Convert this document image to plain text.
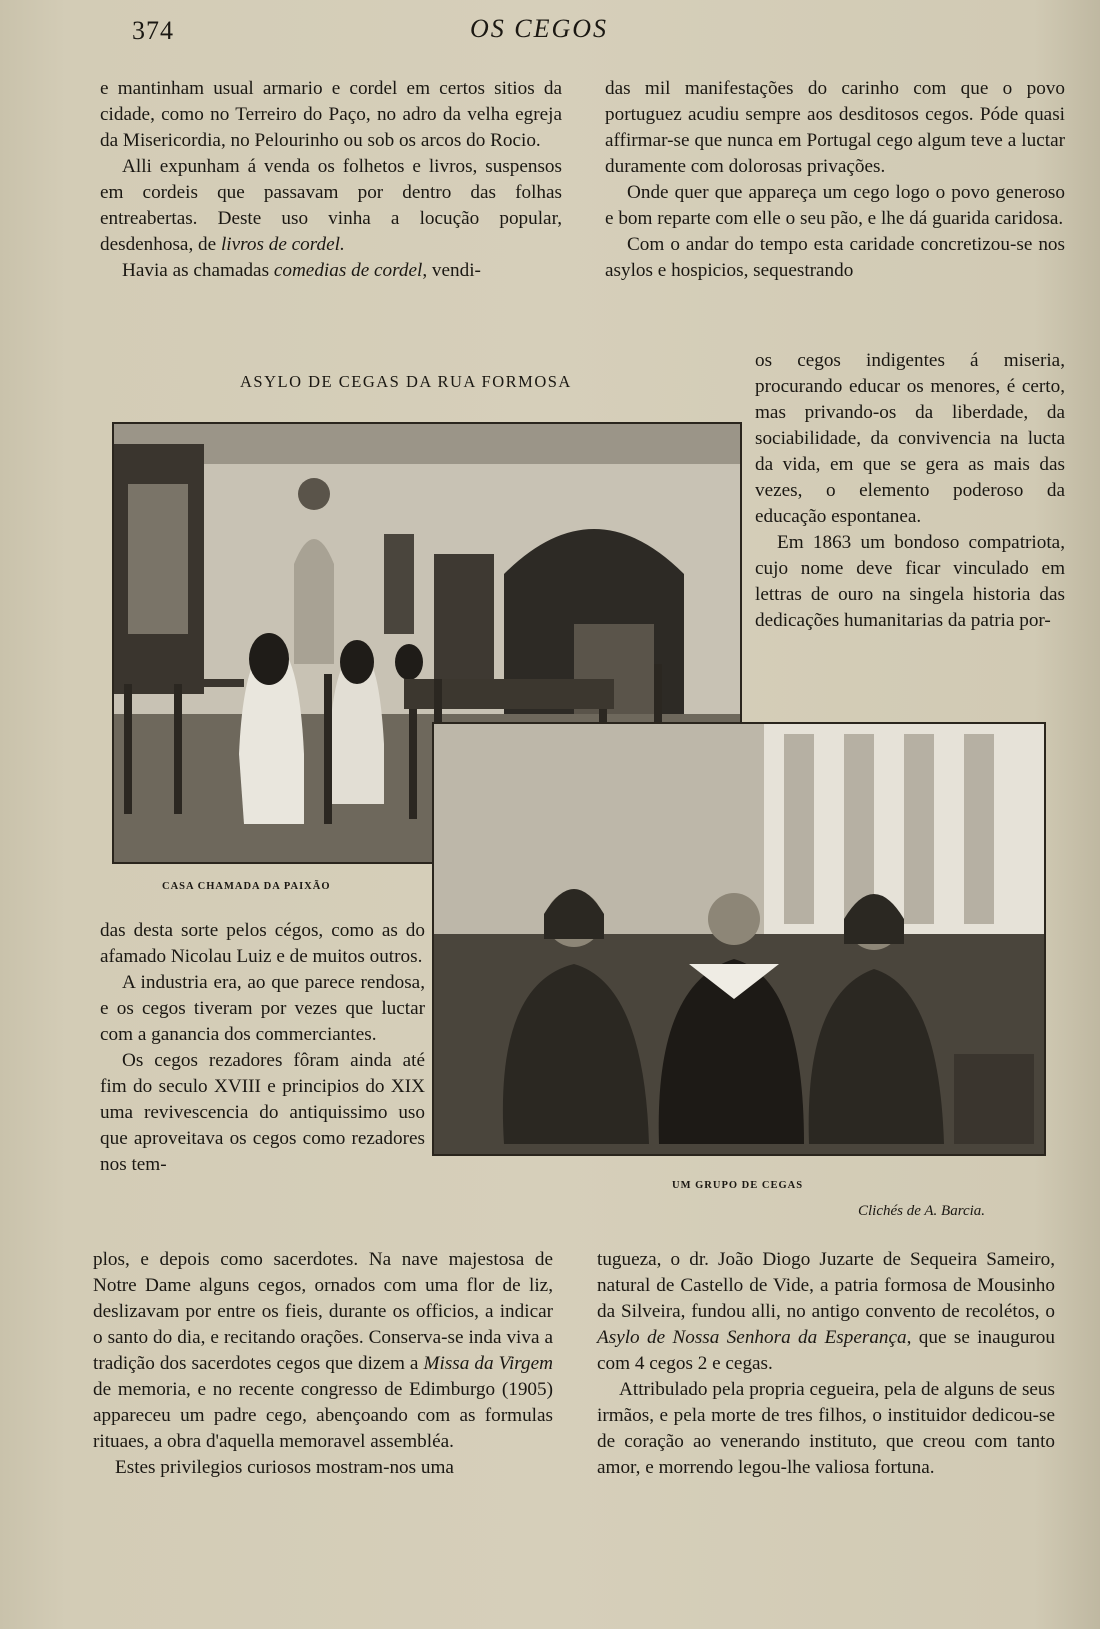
374	OS CEGOS

e mantinham usual armario e cordel em certos sitios da cidade, como no Terreiro do Paço, no adro da velha egreja da Misericordia, no Pelourinho ou sob os arcos do Rocio.

Alli expunham á venda os folhetos e livros, suspensos em cordeis que passavam por dentro das folhas entreabertas. Deste uso vinha a locução popular, desdenhosa, de livros de cordel.

Havia as chamadas comedias de cordel, vendi-

das mil manifestações do carinho com que o povo portuguez acudiu sempre aos desditosos cegos. Póde quasi affirmar-se que nunca em Portugal cego algum teve a luctar duramente com dolorosas privações.

Onde quer que appareça um cego logo o povo generoso e bom reparte com elle o seu pão, e lhe dá guarida caridosa.

Com o andar do tempo esta caridade concretizou-se nos asylos e hospicios, sequestrando

ASYLO DE CEGAS DA RUA FORMOSA

os cegos indigentes á miseria, procurando educar os menores, é certo, mas privando-os da liberdade, da sociabilidade, da convivencia na lucta da vida, em que se gera as mais das vezes, o elemento poderoso da educação espontanea.

Em 1863 um bondoso compatriota, cujo nome deve ficar vinculado em lettras de ouro na singela historia das dedicações humanitarias da patria por-

CASA CHAMADA DA PAIXÃO

das desta sorte pelos cégos, como as do afamado Nicolau Luiz e de muitos outros.

A industria era, ao que parece rendosa, e os cegos tiveram por vezes que luctar com a ganancia dos commerciantes.

Os cegos rezadores fôram ainda até fim do seculo XVIII e principios do XIX uma revivescencia do antiquissimo uso que aproveitava os cegos como rezadores nos tem-

UM GRUPO DE CEGAS
Clichés de A. Barcia.

plos, e depois como sacerdotes. Na nave majestosa de Notre Dame alguns cegos, ornados com uma flor de liz, deslizavam por entre os fieis, durante os officios, a indicar o santo do dia, e recitando orações. Conserva-se inda viva a tradição dos sacerdotes cegos que dizem a Missa da Virgem de memoria, e no recente congresso de Edimburgo (1905) appareceu um padre cego, abençoando com as formulas rituaes, a obra d'aquella memoravel assembléa.

Estes privilegios curiosos mostram-nos uma

tugueza, o dr. João Diogo Juzarte de Sequeira Sameiro, natural de Castello de Vide, a patria formosa de Mousinho da Silveira, fundou alli, no antigo convento de recolétos, o Asylo de Nossa Senhora da Esperança, que se inaugurou com 4 cegos 2 e cegas.

Attribulado pela propria cegueira, pela de alguns de seus irmãos, e pela morte de tres filhos, o instituidor dedicou-se de coração ao venerando instituto, que creou com tanto amor, e morrendo legou-lhe valiosa fortuna.
